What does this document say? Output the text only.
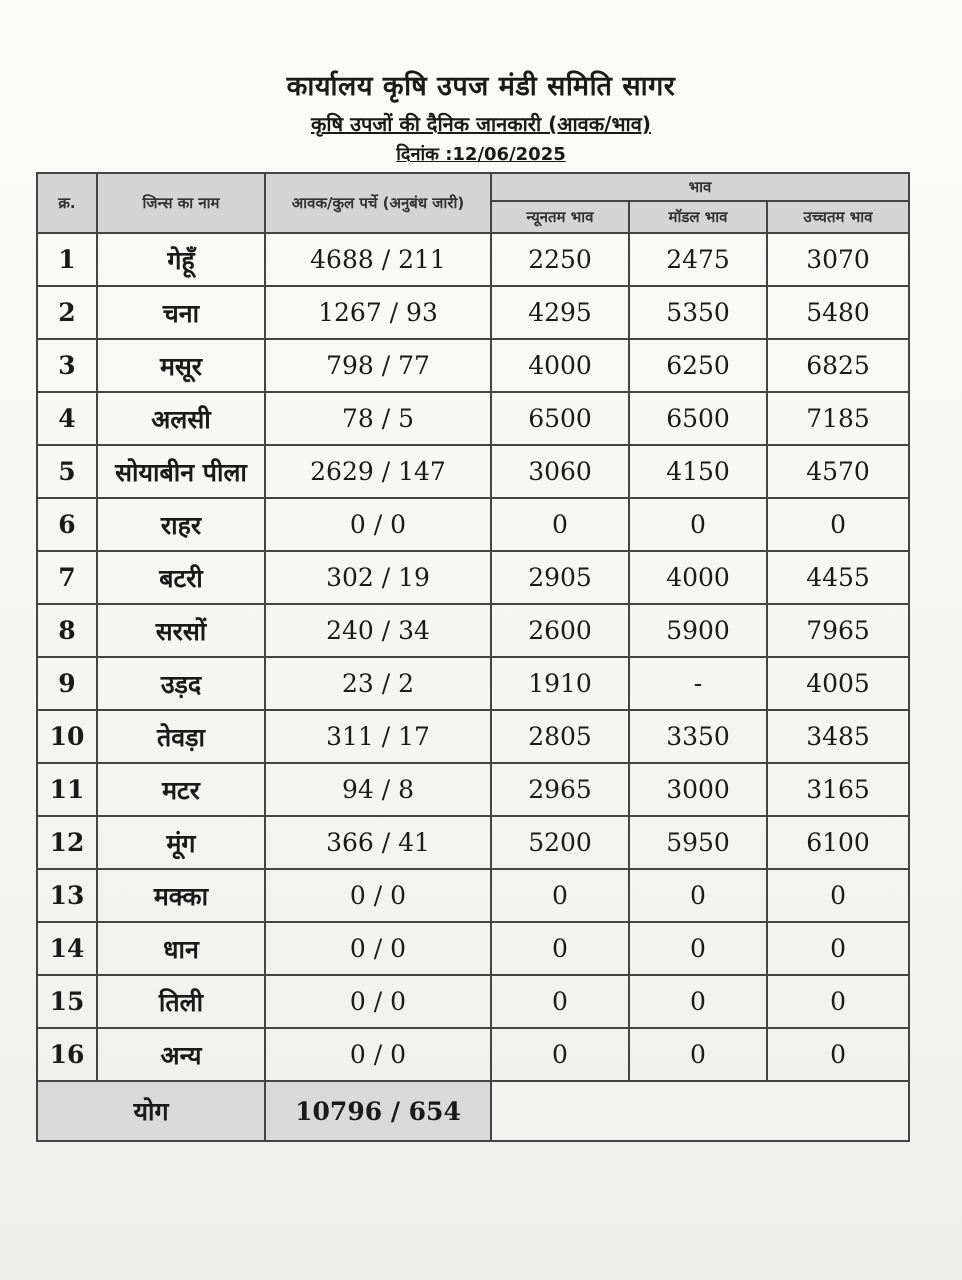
कार्यालय कृषि उपज मंडी समिति सागर
कृषि उपजों की दैनिक जानकारी (आवक/भाव)
दिनांक :12/06/2025
क्र.	जिन्स का नाम	आवक/कुल पर्चे (अनुबंध जारी)	भाव		
			न्यूनतम भाव	मॉडल भाव	उच्चतम भाव
1	गेहूँ	4688 / 211	2250	2475	3070
2	चना	1267 / 93	4295	5350	5480
3	मसूर	798 / 77	4000	6250	6825
4	अलसी	78 / 5	6500	6500	7185
5	सोयाबीन पीला	2629 / 147	3060	4150	4570
6	राहर	0 / 0	0	0	0
7	बटरी	302 / 19	2905	4000	4455
8	सरसों	240 / 34	2600	5900	7965
9	उड़द	23 / 2	1910	-	4005
10	तेवड़ा	311 / 17	2805	3350	3485
11	मटर	94 / 8	2965	3000	3165
12	मूंग	366 / 41	5200	5950	6100
13	मक्का	0 / 0	0	0	0
14	धान	0 / 0	0	0	0
15	तिली	0 / 0	0	0	0
16	अन्य	0 / 0	0	0	0
योग		10796 / 654			
